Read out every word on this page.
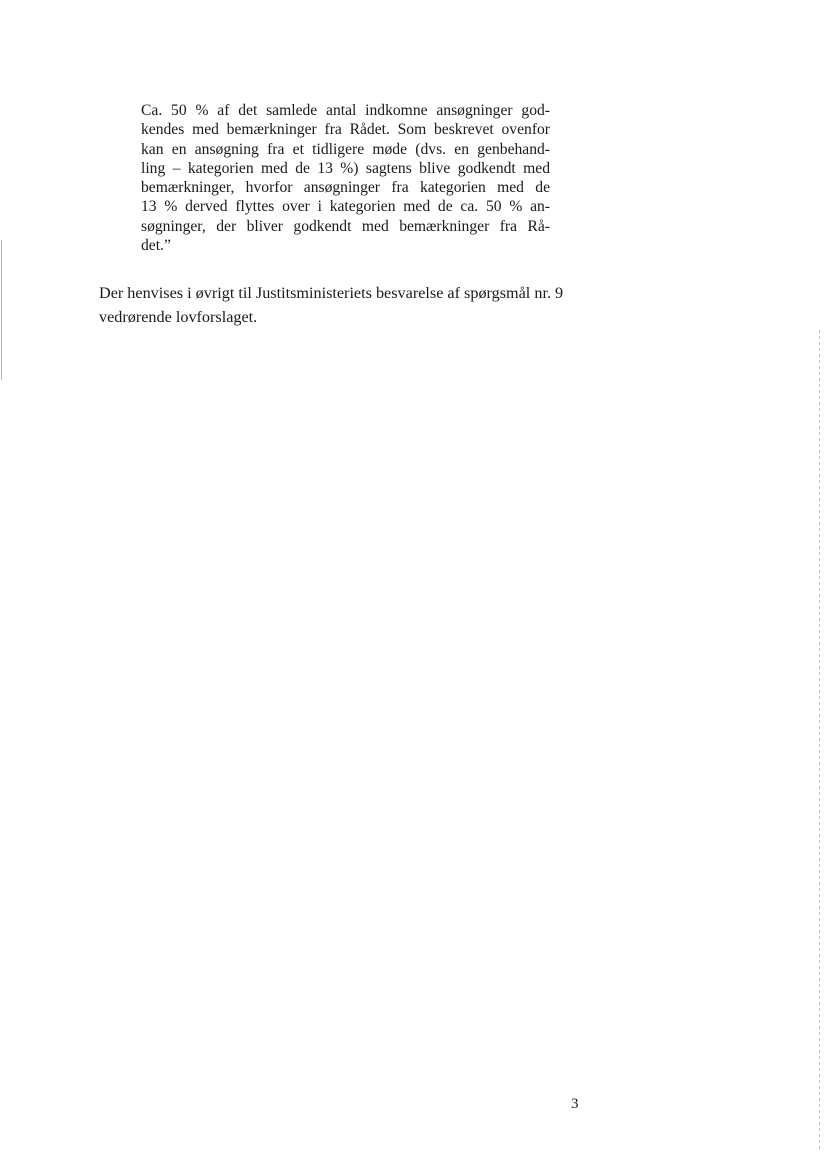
Ca. 50 % af det samlede antal indkomne ansøgninger god-
kendes med bemærkninger fra Rådet. Som beskrevet ovenfor
kan en ansøgning fra et tidligere møde (dvs. en genbehand-
ling – kategorien med de 13 %) sagtens blive godkendt med
bemærkninger, hvorfor ansøgninger fra kategorien med de
13 % derved flyttes over i kategorien med de ca. 50 % an-
søgninger, der bliver godkendt med bemærkninger fra Rå-
det.”
Der henvises i øvrigt til Justitsministeriets besvarelse af spørgsmål nr. 9
vedrørende lovforslaget.
3
